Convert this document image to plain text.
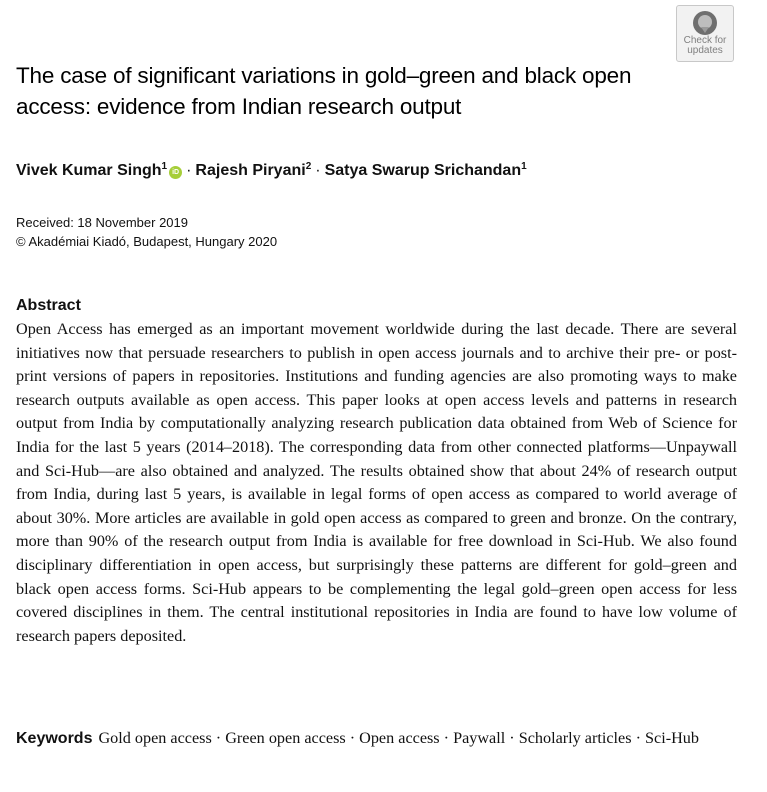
Check for
updates
The case of significant variations in gold–green and black open access: evidence from Indian research output
Vivek Kumar Singh$^1$iD · Rajesh Piryani$^2$ · Satya Swarup Srichandan$^1$
Received: 18 November 2019
© Akadémiai Kiadó, Budapest, Hungary 2020
Abstract

Open Access has emerged as an important movement worldwide during the last decade. There are several initiatives now that persuade researchers to publish in open access journals and to archive their pre- or post-print versions of papers in repositories. Institutions and funding agencies are also promoting ways to make research outputs available as open access. This paper looks at open access levels and patterns in research output from India by computationally analyzing research publication data obtained from Web of Science for India for the last 5 years (2014–2018). The corresponding data from other connected platforms—Unpaywall and Sci-Hub—are also obtained and analyzed. The results obtained show that about 24% of research output from India, during last 5 years, is available in legal forms of open access as compared to world average of about 30%. More articles are available in gold open access as compared to green and bronze. On the contrary, more than 90% of the research output from India is available for free download in Sci-Hub. We also found disciplinary differentiation in open access, but surprisingly these patterns are different for gold–green and black open access forms. Sci-Hub appears to be complementing the legal gold–green open access for less covered disciplines in them. The central institutional repositories in India are found to have low volume of research papers deposited.

Keywords Gold open access · Green open access · Open access · Paywall · Scholarly articles · Sci-Hub
